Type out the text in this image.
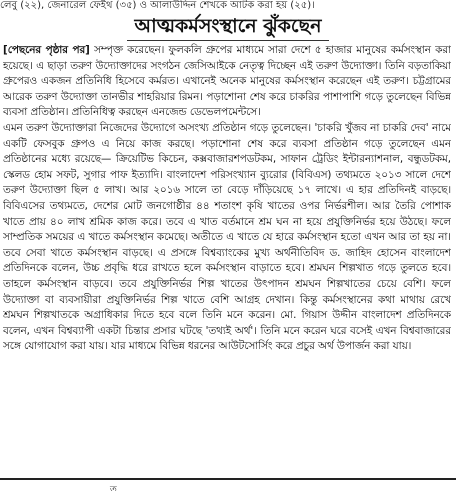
লেবু (২২), জেনারেল ফেইথ (৩৫) ও আলাউদ্দিন শেখকে আটক করা হয় (২৫)।
আত্মকর্মসংস্থানে ঝুঁকছেন

[পেছনের পৃষ্ঠার পর] সম্পৃক্ত করেছেন। ফুলকলি গ্রুপের মাধ্যমে সারা দেশে ৫ হাজার মানুষের কর্মসংস্থান করা হয়েছে। এ ছাড়া তরুণ উদ্যোক্তাদের সংগঠন জেসিআইকে নেতৃত্ব দিচ্ছেন এই তরুণ উদ্যোক্তা। তিনি বড়তাকিয়া গ্রুপেরও একজন প্রতিনিধি হিসেবে কর্মরত। এখানেই অনেক মানুষের কর্মসংস্থান করেছেন এই তরুণ। চট্টগ্রামের আরেক তরুণ উদ্যোক্তা তানভীর শাহরিয়ার রিমন। পড়াশোনা শেষ করে চাকরির পাশাপাশি গড়ে তুলেছেন বিভিন্ন ব্যবসা প্রতিষ্ঠান। প্রতিনিধিত্ব করছেন এনজেন্ড ডেভেলপমেন্টসে।

এমন তরুণ উদ্যোক্তারা নিজেদের উদ্যোগে অসংখ্য প্রতিষ্ঠান গড়ে তুলেছেন। 'চাকরি খুঁজব না চাকরি দেব' নামে একটি ফেসবুক গ্রুপও এ নিয়ে কাজ করছে। পড়াশোনা শেষ করে ব্যবসা প্রতিষ্ঠান গড়ে তুলেছেন এমন প্রতিষ্ঠানের মধ্যে রয়েছে— ক্রিয়েটিভ কিচেন, কক্সবাজারশপডটকম, সাফান ট্রেডিং ইন্টারন্যাশনাল, বন্ধুডটকম, স্কেলড হোম সফট, সুগার পাফ ইত্যাদি। বাংলাদেশ পরিসংখ্যান ব্যুরোর (বিবিএস) তথ্যমতে ২০১৩ সালে দেশে তরুণ উদ্যোক্তা ছিল ৫ লাখ। আর ২০১৬ সালে তা বেড়ে দাঁড়িয়েছে ১৭ লাখে। এ হার প্রতিদিনই বাড়ছে। বিবিএসের তথ্যমতে, দেশের মোট জনগোষ্ঠীর ৪৪ শতাংশ কৃষি খাতের ওপর নির্ভরশীল। আর তৈরি পোশাক খাতে প্রায় ৪০ লাখ শ্রমিক কাজ করে। তবে এ খাত বর্তমানে শ্রম ঘন না হয়ে প্রযুক্তিনির্ভর হয়ে উঠছে। ফলে সাম্প্রতিক সময়ের এ খাতে কর্মসংস্থান কমেছে। অতীতে এ খাতে যে হারে কর্মসংস্থান হতো এখন আর তা হয় না। তবে সেবা খাতে কর্মসংস্থান বাড়ছে। এ প্রসঙ্গে বিশ্বব্যাংকের মুখ্য অর্থনীতিবিদ ড. জাহিদ হোসেন বাংলাদেশ প্রতিদিনকে বলেন, উচ্চ প্রবৃদ্ধি ধরে রাখতে হলে কর্মসংস্থান বাড়াতে হবে। শ্রমঘন শিল্পখাত গড়ে তুলতে হবে। তাহলে কর্মসংস্থান বাড়বে। তবে প্রযুক্তিনির্ভর শিল্প খাতের উৎপাদন শ্রমঘন শিল্পখাতের চেয়ে বেশি। ফলে উদ্যোক্তা বা ব্যবসায়ীরা প্রযুক্তিনির্ভর শিল্প খাতে বেশি আগ্রহ দেখান। কিন্তু কর্মসংস্থানের কথা মাথায় রেখে শ্রমঘন শিল্পখাতকে অগ্রাধিকার দিতে হবে বলে তিনি মনে করেন। মো. গিয়াস উদ্দীন বাংলাদেশ প্রতিদিনকে বলেন, এখন বিশ্বব্যাপী একটা চিন্তার প্রসার ঘটছে 'তথ্যই অর্থ'। তিনি মনে করেন ঘরে বসেই এখন বিশ্ববাজারের সঙ্গে যোগাযোগ করা যায়। যার মাধ্যমে বিভিন্ন ধরনের আউটসোর্সিং করে প্রচুর অর্থ উপার্জন করা যায়।

ত
